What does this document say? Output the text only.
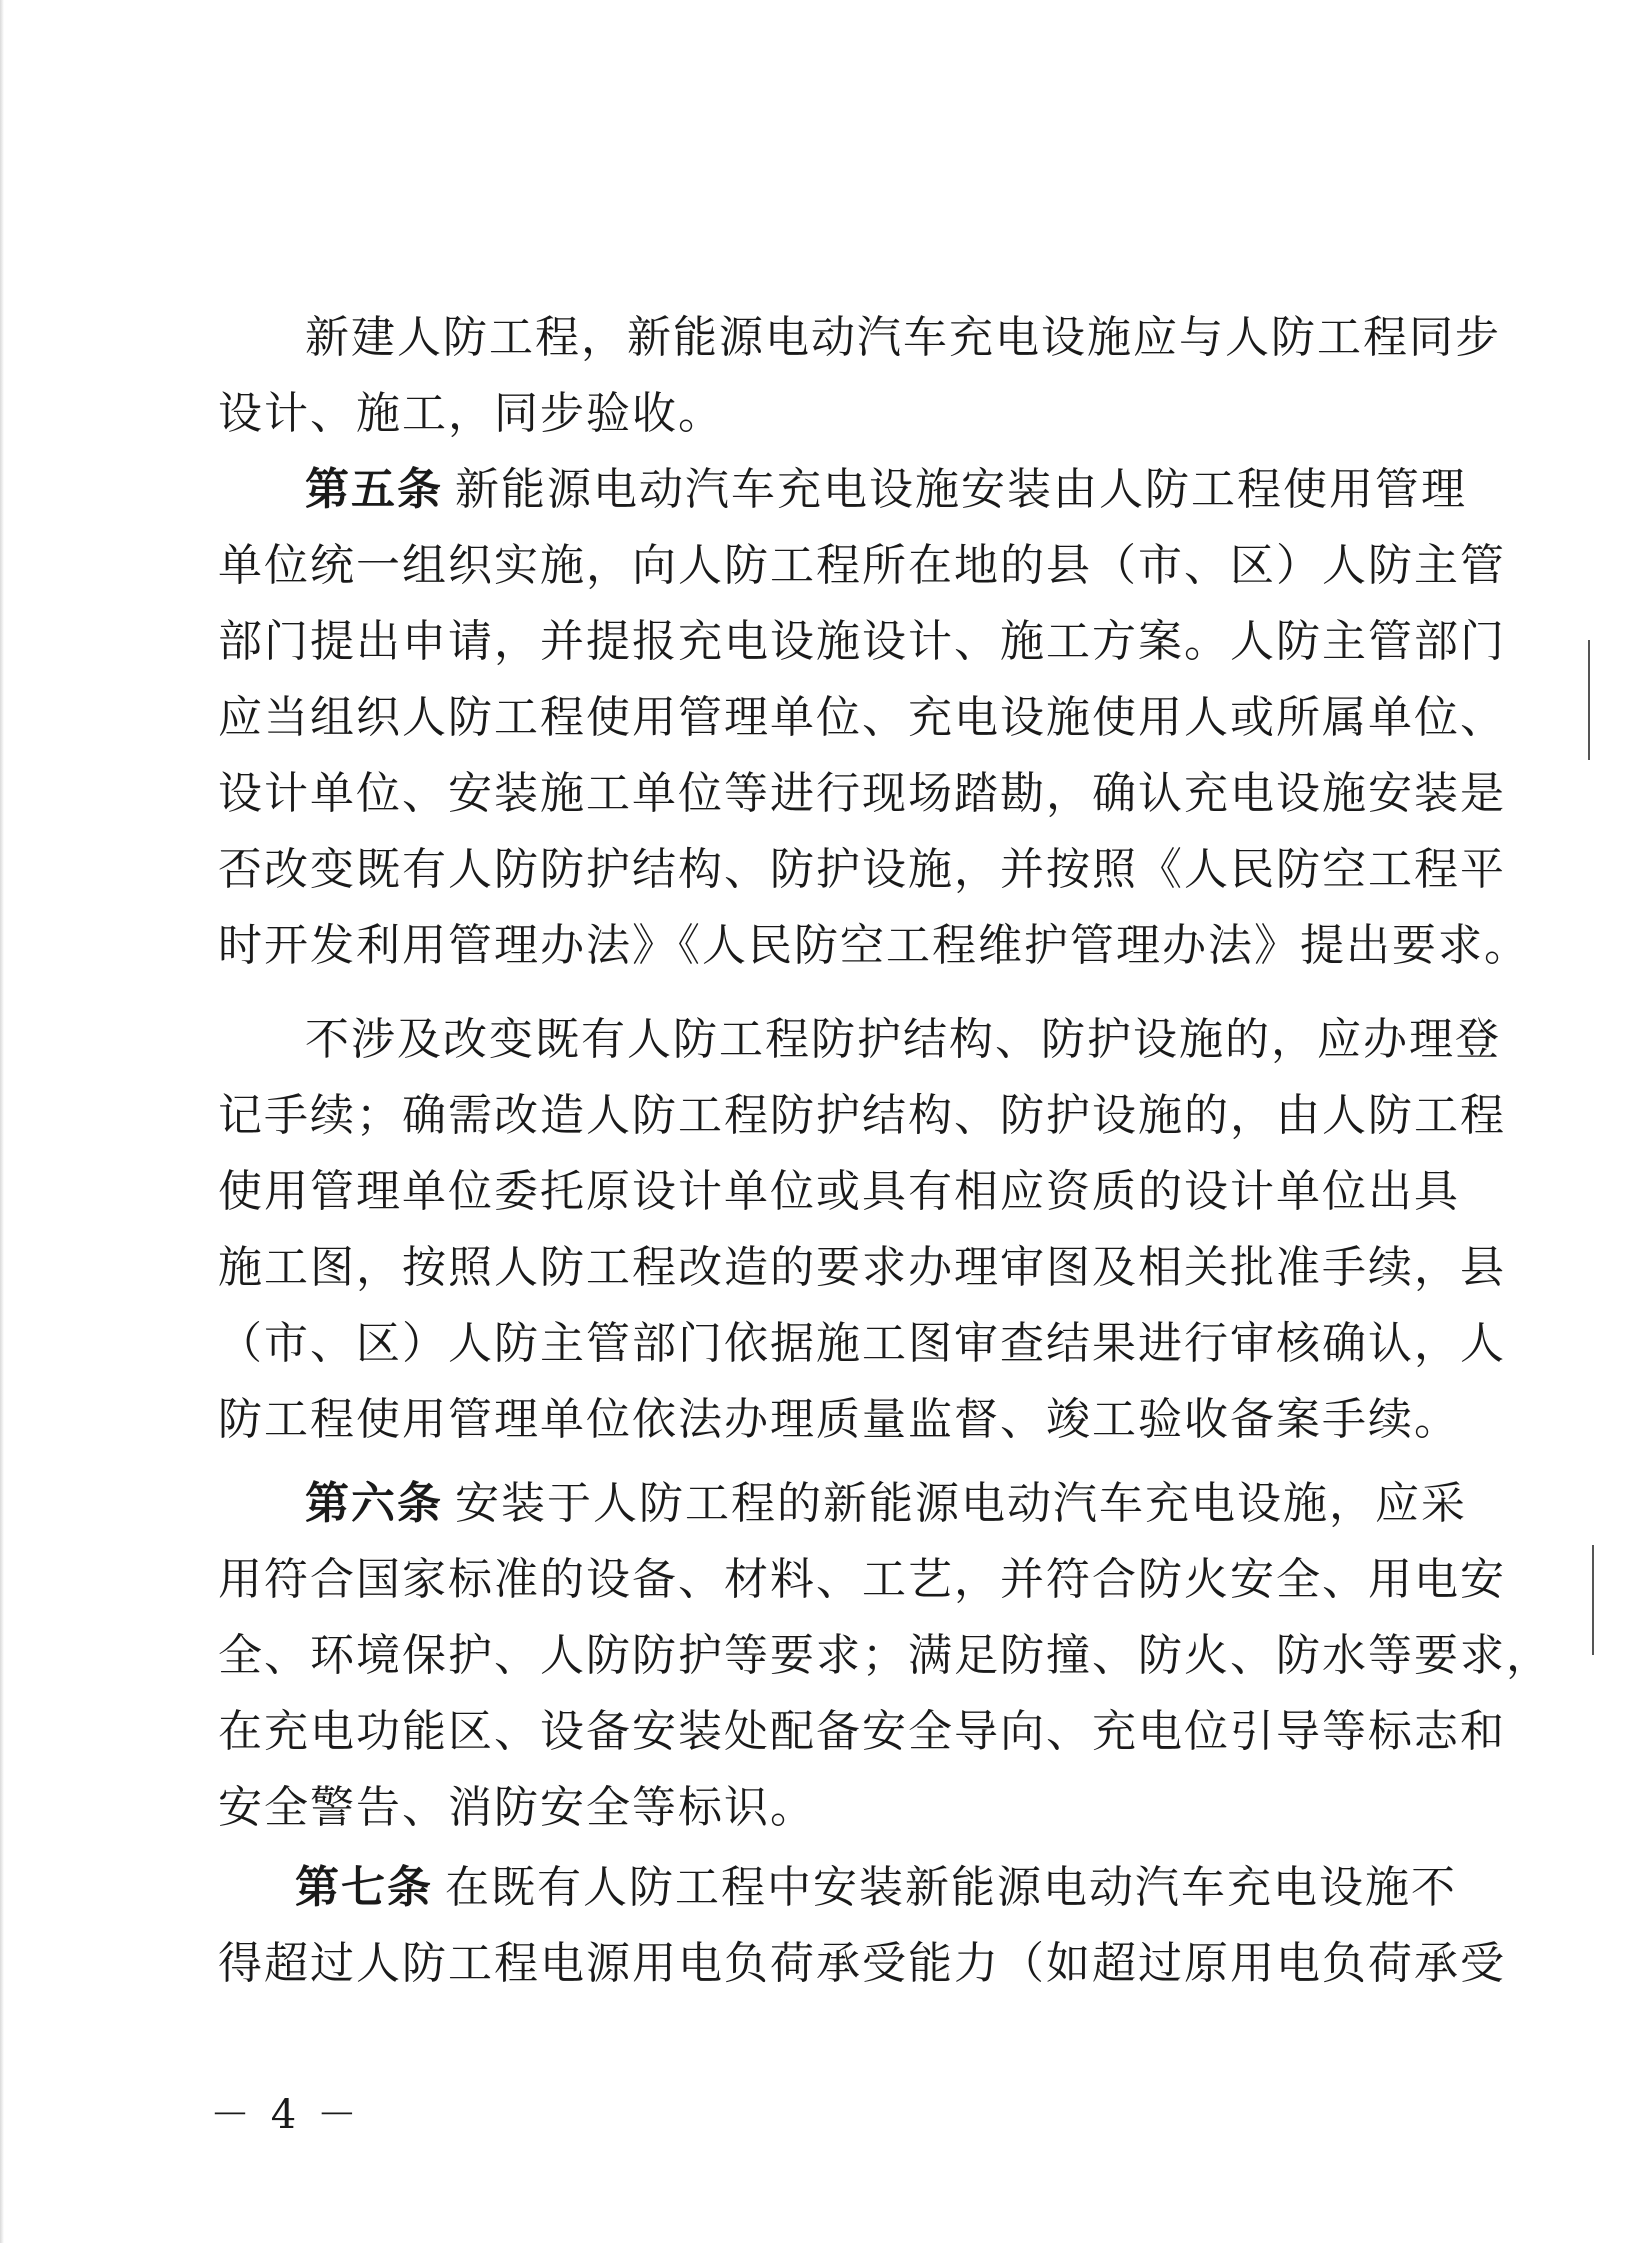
新建人防工程，新能源电动汽车充电设施应与人防工程同步
设计、施工，同步验收。
第五条 新能源电动汽车充电设施安装由人防工程使用管理
单位统一组织实施，向人防工程所在地的县（市、区）人防主管
部门提出申请，并提报充电设施设计、施工方案。人防主管部门
应当组织人防工程使用管理单位、充电设施使用人或所属单位、
设计单位、安装施工单位等进行现场踏勘，确认充电设施安装是
否改变既有人防防护结构、防护设施，并按照《人民防空工程平
时开发利用管理办法》《人民防空工程维护管理办法》提出要求。
不涉及改变既有人防工程防护结构、防护设施的，应办理登
记手续；确需改造人防工程防护结构、防护设施的，由人防工程
使用管理单位委托原设计单位或具有相应资质的设计单位出具
施工图，按照人防工程改造的要求办理审图及相关批准手续，县
（市、区）人防主管部门依据施工图审查结果进行审核确认，人
防工程使用管理单位依法办理质量监督、竣工验收备案手续。
第六条 安装于人防工程的新能源电动汽车充电设施，应采
用符合国家标准的设备、材料、工艺，并符合防火安全、用电安
全、环境保护、人防防护等要求；满足防撞、防火、防水等要求，
在充电功能区、设备安装处配备安全导向、充电位引导等标志和
安全警告、消防安全等标识。
第七条 在既有人防工程中安装新能源电动汽车充电设施不
得超过人防工程电源用电负荷承受能力（如超过原用电负荷承受
－ 4 －
